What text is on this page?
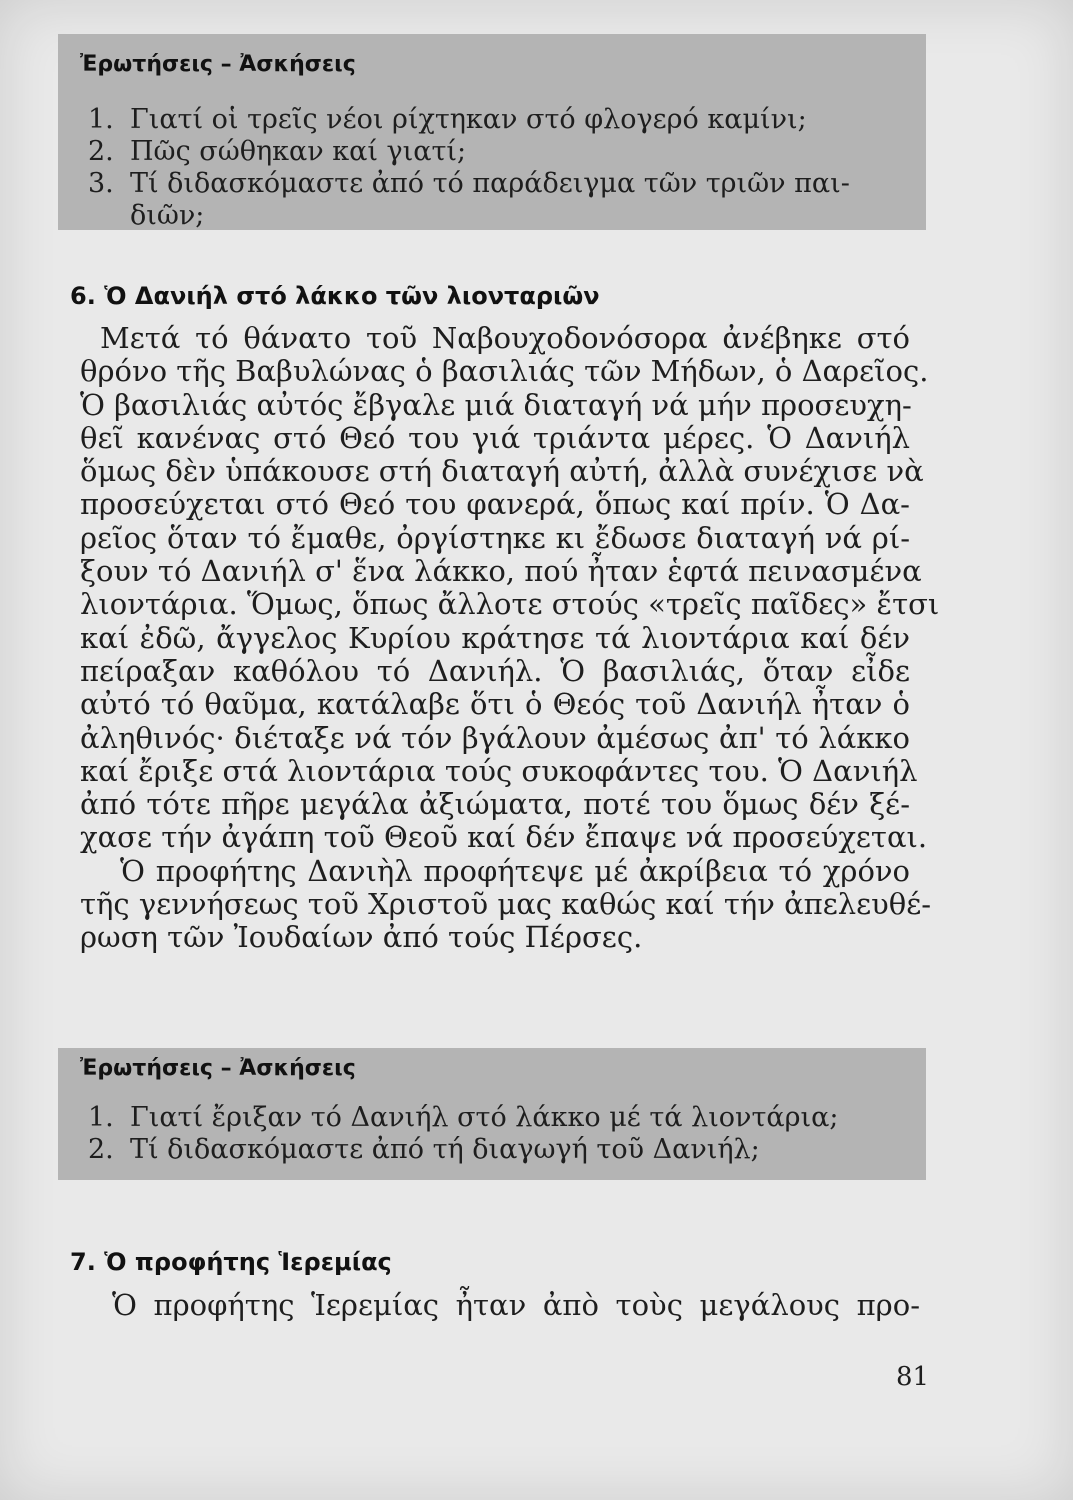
Ἐρωτήσεις – Ἀσκήσεις
1. Γιατί οἱ τρεῖς νέοι ρίχτηκαν στό φλογερό καμίνι;
2. Πῶς σώθηκαν καί γιατί;
3. Τί διδασκόμαστε ἀπό τό παράδειγμα τῶν τριῶν παι-
διῶν;
6. Ὁ Δανιήλ στό λάκκο τῶν λιονταριῶν
Μετά τό θάνατο τοῦ Ναβουχοδονόσορα ἀνέβηκε στό
θρόνο τῆς Βαβυλώνας ὁ βασιλιάς τῶν Μήδων, ὁ Δαρεῖος.
Ὁ βασιλιάς αὐτός ἔβγαλε μιά διαταγή νά μήν προσευχη-
θεῖ κανένας στό Θεό του γιά τριάντα μέρες. Ὁ Δανιήλ
ὅμως δὲν ὑπάκουσε στή διαταγή αὐτή, ἀλλὰ συνέχισε νὰ
προσεύχεται στό Θεό του φανερά, ὅπως καί πρίν. Ὁ Δα-
ρεῖος ὅταν τό ἔμαθε, ὀργίστηκε κι ἔδωσε διαταγή νά ρί-
ξουν τό Δανιήλ σ' ἕνα λάκκο, πού ἦταν ἑφτά πεινασμένα
λιοντάρια. Ὅμως, ὅπως ἄλλοτε στούς «τρεῖς παῖδες» ἔτσι
καί ἐδῶ, ἄγγελος Κυρίου κράτησε τά λιοντάρια καί δέν
πείραξαν καθόλου τό Δανιήλ. Ὁ βασιλιάς, ὅταν εἶδε
αὐτό τό θαῦμα, κατάλαβε ὅτι ὁ Θεός τοῦ Δανιήλ ἦταν ὁ
ἀληθινός· διέταξε νά τόν βγάλουν ἀμέσως ἀπ' τό λάκκο
καί ἔριξε στά λιοντάρια τούς συκοφάντες του. Ὁ Δανιήλ
ἀπό τότε πῆρε μεγάλα ἀξιώματα, ποτέ του ὅμως δέν ξέ-
χασε τήν ἀγάπη τοῦ Θεοῦ καί δέν ἔπαψε νά προσεύχεται.
Ὁ προφήτης Δανιὴλ προφήτεψε μέ ἀκρίβεια τό χρόνο
τῆς γεννήσεως τοῦ Χριστοῦ μας καθώς καί τήν ἀπελευθέ-
ρωση τῶν Ἰουδαίων ἀπό τούς Πέρσες.
Ἐρωτήσεις – Ἀσκήσεις
1. Γιατί ἔριξαν τό Δανιήλ στό λάκκο μέ τά λιοντάρια;
2. Τί διδασκόμαστε ἀπό τή διαγωγή τοῦ Δανιήλ;
7. Ὁ προφήτης Ἱερεμίας
Ὁ προφήτης Ἱερεμίας ἦταν ἀπὸ τοὺς μεγάλους προ-
81
